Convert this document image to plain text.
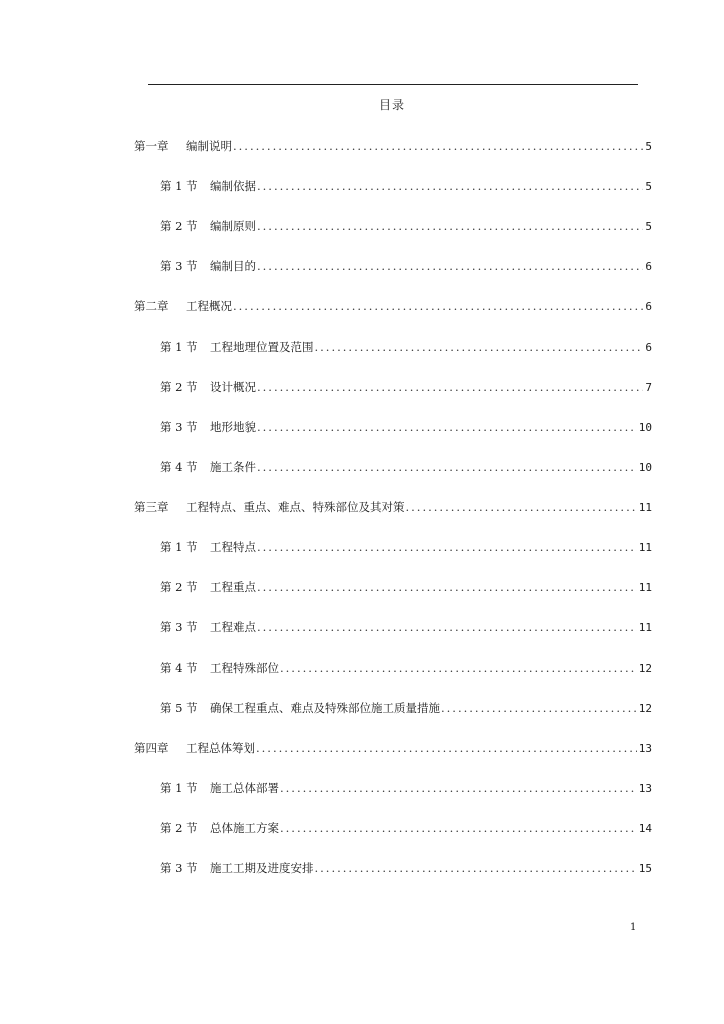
目录
第一章	编制说明 .....	5
第 1 节	编制依据 .....	5
第 2 节	编制原则 .....	5
第 3 节	编制目的 .....	6
第二章	工程概况 .....	6
第 1 节	工程地理位置及范围 .....	6
第 2 节	设计概况 .....	7
第 3 节	地形地貌 .....	10
第 4 节	施工条件 .....	10
第三章	工程特点、重点、难点、特殊部位及其对策 .....	11
第 1 节	工程特点 .....	11
第 2 节	工程重点 .....	11
第 3 节	工程难点 .....	11
第 4 节	工程特殊部位 .....	12
第 5 节	确保工程重点、难点及特殊部位施工质量措施 .....	12
第四章	工程总体筹划 .....	13
第 1 节	施工总体部署 .....	13
第 2 节	总体施工方案 .....	14
第 3 节	施工工期及进度安排 .....	15
1
